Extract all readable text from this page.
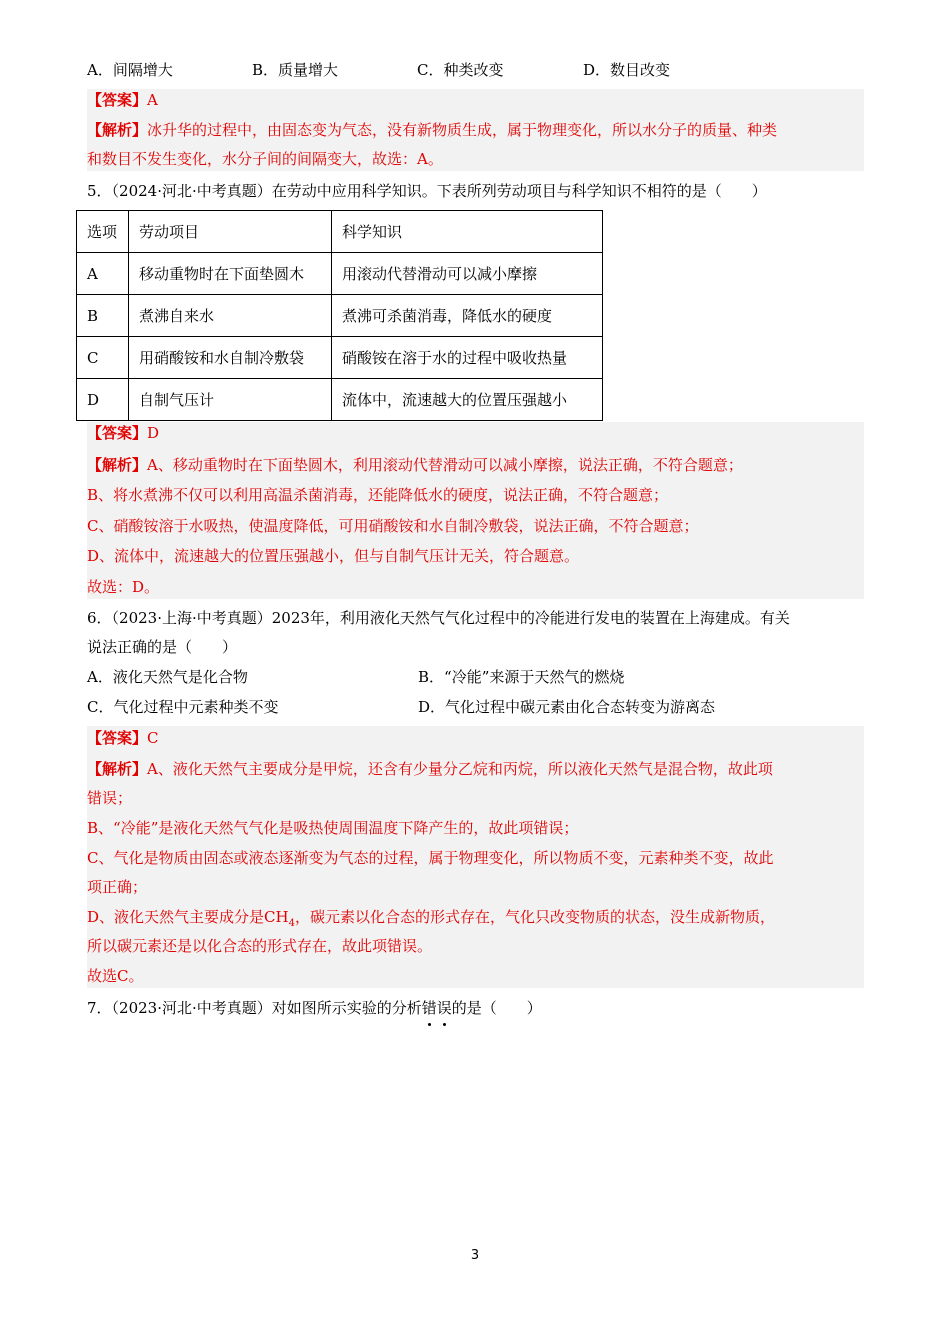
A．间隔增大	B．质量增大	C．种类改变	D．数目改变
【答案】A
【解析】冰升华的过程中，由固态变为气态，没有新物质生成，属于物理变化，所以水分子的质量、种类
和数目不发生变化，水分子间的间隔变大，故选：A。
5．（2024·河北·中考真题）在劳动中应用科学知识。下表所列劳动项目与科学知识不相符的是（　　）
选项	劳动项目	科学知识
A	移动重物时在下面垫圆木	用滚动代替滑动可以减小摩擦
B	煮沸自来水	煮沸可杀菌消毒，降低水的硬度
C	用硝酸铵和水自制冷敷袋	硝酸铵在溶于水的过程中吸收热量
D	自制气压计	流体中，流速越大的位置压强越小
【答案】D
【解析】A、移动重物时在下面垫圆木，利用滚动代替滑动可以减小摩擦，说法正确，不符合题意；
B、将水煮沸不仅可以利用高温杀菌消毒，还能降低水的硬度，说法正确，不符合题意；
C、硝酸铵溶于水吸热，使温度降低，可用硝酸铵和水自制冷敷袋，说法正确，不符合题意；
D、流体中，流速越大的位置压强越小，但与自制气压计无关，符合题意。
故选：D。
6．（2023·上海·中考真题）2023年，利用液化天然气气化过程中的冷能进行发电的装置在上海建成。有关
说法正确的是（　　）
A．液化天然气是化合物	B．“冷能”来源于天然气的燃烧
C．气化过程中元素种类不变	D．气化过程中碳元素由化合态转变为游离态
【答案】C
【解析】A、液化天然气主要成分是甲烷，还含有少量分乙烷和丙烷，所以液化天然气是混合物，故此项
错误；
B、“冷能”是液化天然气气化是吸热使周围温度下降产生的，故此项错误；
C、气化是物质由固态或液态逐渐变为气态的过程，属于物理变化，所以物质不变，元素种类不变，故此
项正确；
D、液化天然气主要成分是$CH_4$，碳元素以化合态的形式存在，气化只改变物质的状态，没生成新物质，
所以碳元素还是以化合态的形式存在，故此项错误。
故选C。
7．（2023·河北·中考真题）对如图所示实验的分析错误
的是（　　）
3
